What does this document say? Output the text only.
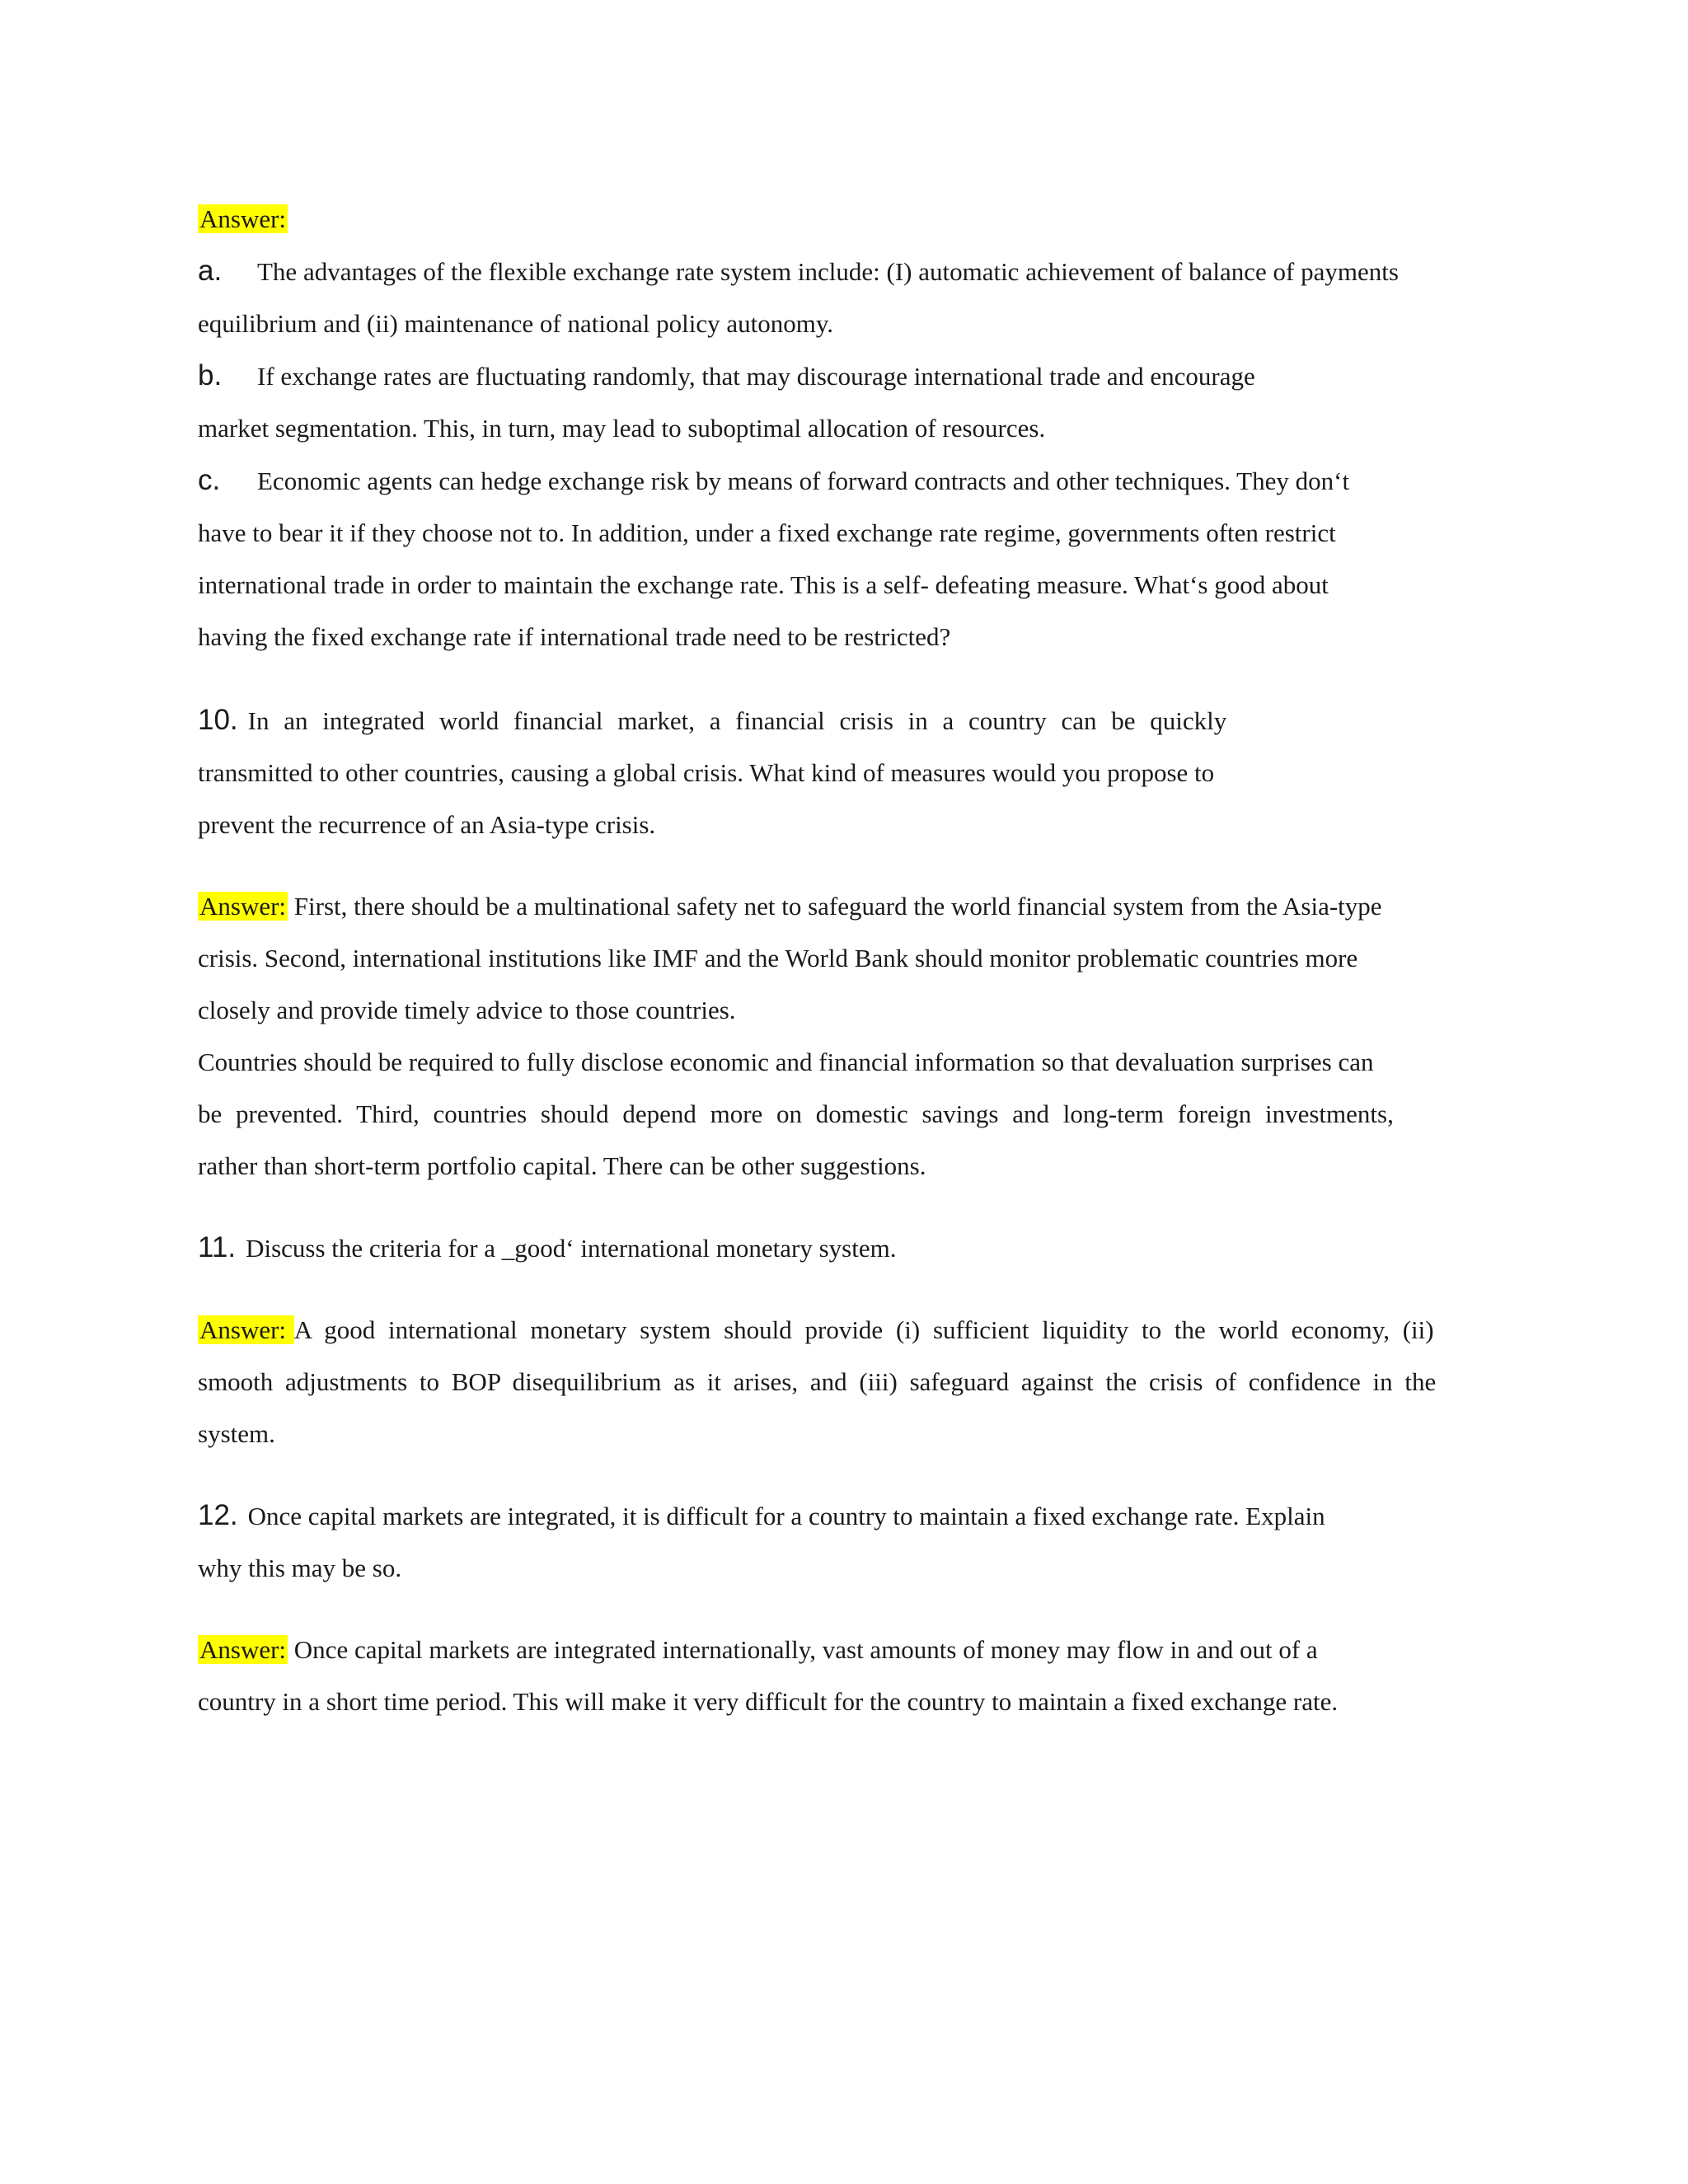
Answer:

a. The advantages of the flexible exchange rate system include: (I) automatic achievement of balance of payments
equilibrium and (ii) maintenance of national policy autonomy.

b. If exchange rates are fluctuating randomly, that may discourage international trade and encourage
market segmentation. This, in turn, may lead to suboptimal allocation of resources.

c. Economic agents can hedge exchange risk by means of forward contracts and other techniques. They don‘t
have to bear it if they choose not to. In addition, under a fixed exchange rate regime, governments often restrict
international trade in order to maintain the exchange rate. This is a self- defeating measure. What‘s good about
having the fixed exchange rate if international trade need to be restricted?

10. In an integrated world financial market, a financial crisis in a country can be quickly
transmitted to other countries, causing a global crisis. What kind of measures would you propose to
prevent the recurrence of an Asia-type crisis.

Answer: First, there should be a multinational safety net to safeguard the world financial system from the Asia-type
crisis. Second, international institutions like IMF and the World Bank should monitor problematic countries more
closely and provide timely advice to those countries.
Countries should be required to fully disclose economic and financial information so that devaluation surprises can
be prevented. Third, countries should depend more on domestic savings and long-term foreign investments,
rather than short-term portfolio capital. There can be other suggestions.

11. Discuss the criteria for a _good‘ international monetary system.

Answer: A good international monetary system should provide (i) sufficient liquidity to the world economy, (ii)
smooth adjustments to BOP disequilibrium as it arises, and (iii) safeguard against the crisis of confidence in the
system.

12. Once capital markets are integrated, it is difficult for a country to maintain a fixed exchange rate. Explain
why this may be so.

Answer: Once capital markets are integrated internationally, vast amounts of money may flow in and out of a
country in a short time period. This will make it very difficult for the country to maintain a fixed exchange rate.
